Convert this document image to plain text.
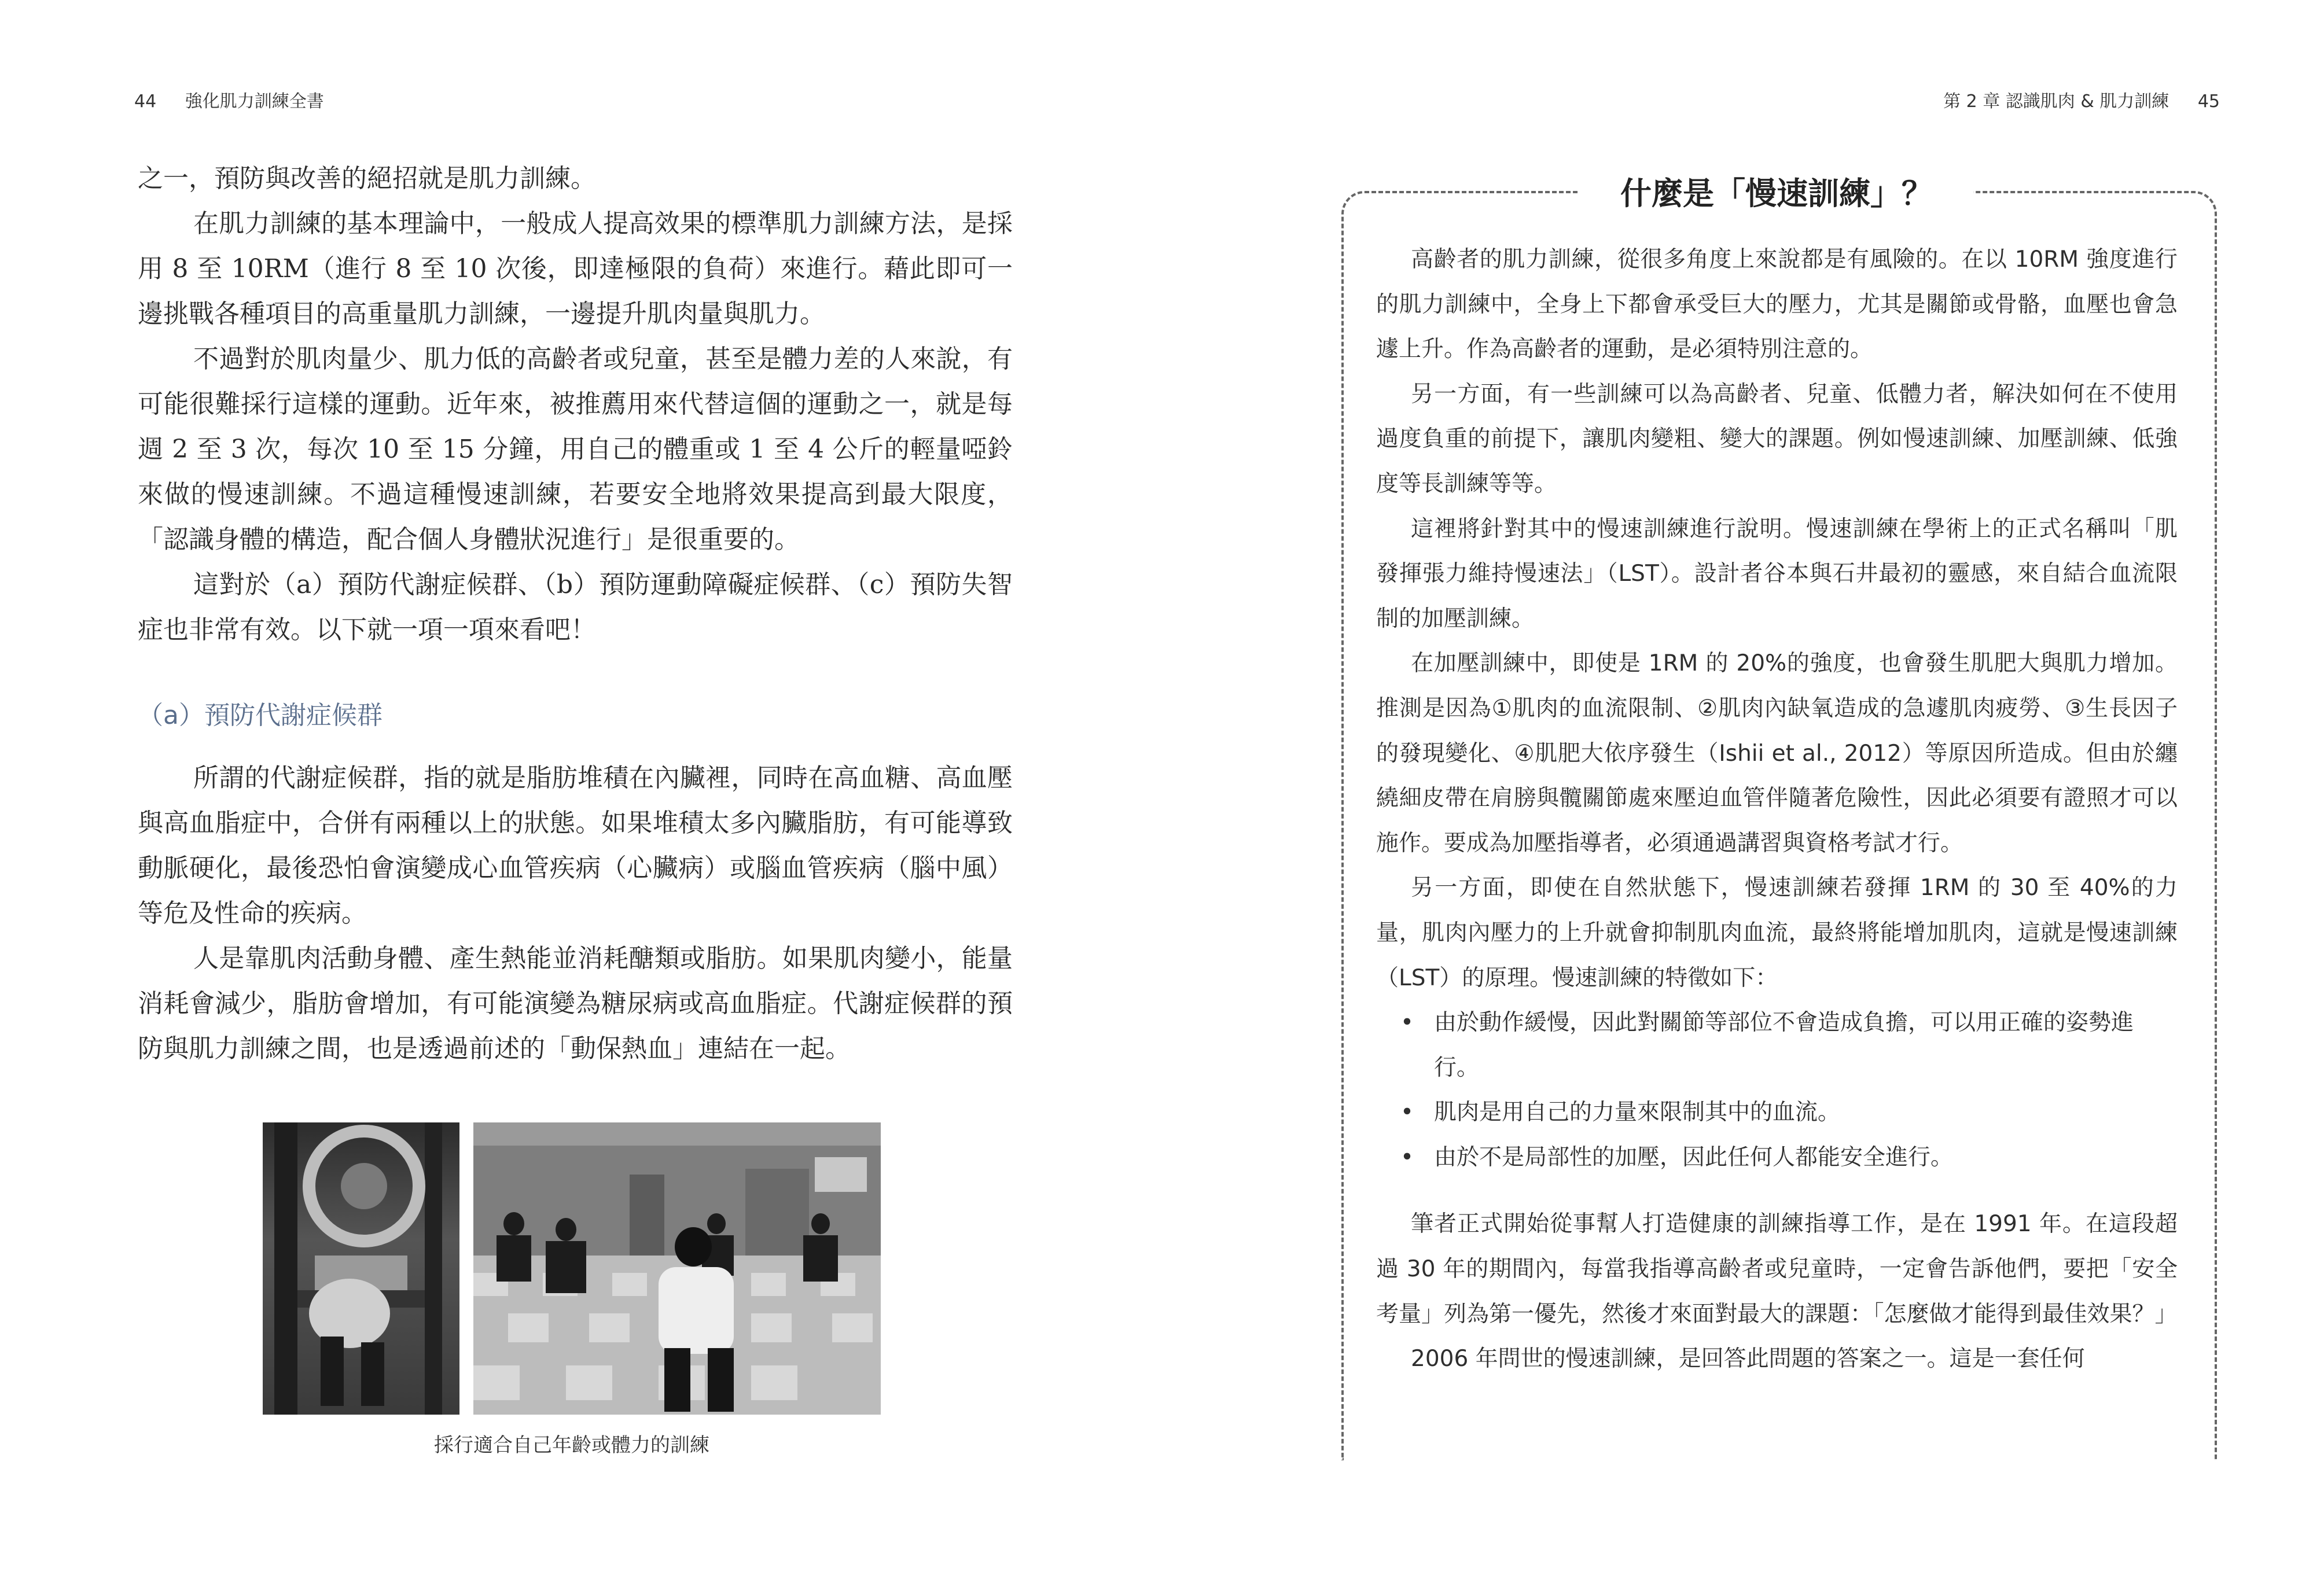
44 強化肌力訓練全書	第 2 章 認識肌肉 & 肌力訓練 45

之一，預防與改善的絕招就是肌力訓練。

在肌力訓練的基本理論中，一般成人提高效果的標準肌力訓練方法，是採用 8 至 10RM（進行 8 至 10 次後，即達極限的負荷）來進行。藉此即可一邊挑戰各種項目的高重量肌力訓練，一邊提升肌肉量與肌力。

不過對於肌肉量少、肌力低的高齡者或兒童，甚至是體力差的人來說，有可能很難採行這樣的運動。近年來，被推薦用來代替這個的運動之一，就是每週 2 至 3 次，每次 10 至 15 分鐘，用自己的體重或 1 至 4 公斤的輕量啞鈴來做的慢速訓練。不過這種慢速訓練，若要安全地將效果提高到最大限度，「認識身體的構造，配合個人身體狀況進行」是很重要的。

這對於（a）預防代謝症候群、（b）預防運動障礙症候群、（c）預防失智症也非常有效。以下就一項一項來看吧！

（a）預防代謝症候群

所謂的代謝症候群，指的就是脂肪堆積在內臟裡，同時在高血糖、高血壓與高血脂症中，合併有兩種以上的狀態。如果堆積太多內臟脂肪，有可能導致動脈硬化，最後恐怕會演變成心血管疾病（心臟病）或腦血管疾病（腦中風）等危及性命的疾病。

人是靠肌肉活動身體、產生熱能並消耗醣類或脂肪。如果肌肉變小，能量消耗會減少，脂肪會增加，有可能演變為糖尿病或高血脂症。代謝症候群的預防與肌力訓練之間，也是透過前述的「動保熱血」連結在一起。

採行適合自己年齡或體力的訓練
什麼是「慢速訓練」？

高齡者的肌力訓練，從很多角度上來說都是有風險的。在以 10RM 強度進行的肌力訓練中，全身上下都會承受巨大的壓力，尤其是關節或骨骼，血壓也會急遽上升。作為高齡者的運動，是必須特別注意的。

另一方面，有一些訓練可以為高齡者、兒童、低體力者，解決如何在不使用過度負重的前提下，讓肌肉變粗、變大的課題。例如慢速訓練、加壓訓練、低強度等長訓練等等。

這裡將針對其中的慢速訓練進行說明。慢速訓練在學術上的正式名稱叫「肌發揮張力維持慢速法」（LST）。設計者谷本與石井最初的靈感，來自結合血流限制的加壓訓練。

在加壓訓練中，即使是 1RM 的 20%的強度，也會發生肌肥大與肌力增加。推測是因為①肌肉的血流限制、②肌肉內缺氧造成的急遽肌肉疲勞、③生長因子的發現變化、④肌肥大依序發生（Ishii et al., 2012）等原因所造成。但由於纏繞細皮帶在肩膀與髖關節處來壓迫血管伴隨著危險性，因此必須要有證照才可以施作。要成為加壓指導者，必須通過講習與資格考試才行。

另一方面，即使在自然狀態下，慢速訓練若發揮 1RM 的 30 至 40%的力量，肌肉內壓力的上升就會抑制肌肉血流，最終將能增加肌肉，這就是慢速訓練（LST）的原理。慢速訓練的特徵如下：

• 由於動作緩慢，因此對關節等部位不會造成負擔，可以用正確的姿勢進行。
• 肌肉是用自己的力量來限制其中的血流。
• 由於不是局部性的加壓，因此任何人都能安全進行。

筆者正式開始從事幫人打造健康的訓練指導工作，是在 1991 年。在這段超過 30 年的期間內，每當我指導高齡者或兒童時，一定會告訴他們，要把「安全考量」列為第一優先，然後才來面對最大的課題：「怎麼做才能得到最佳效果？」

2006 年問世的慢速訓練，是回答此問題的答案之一。這是一套任何
